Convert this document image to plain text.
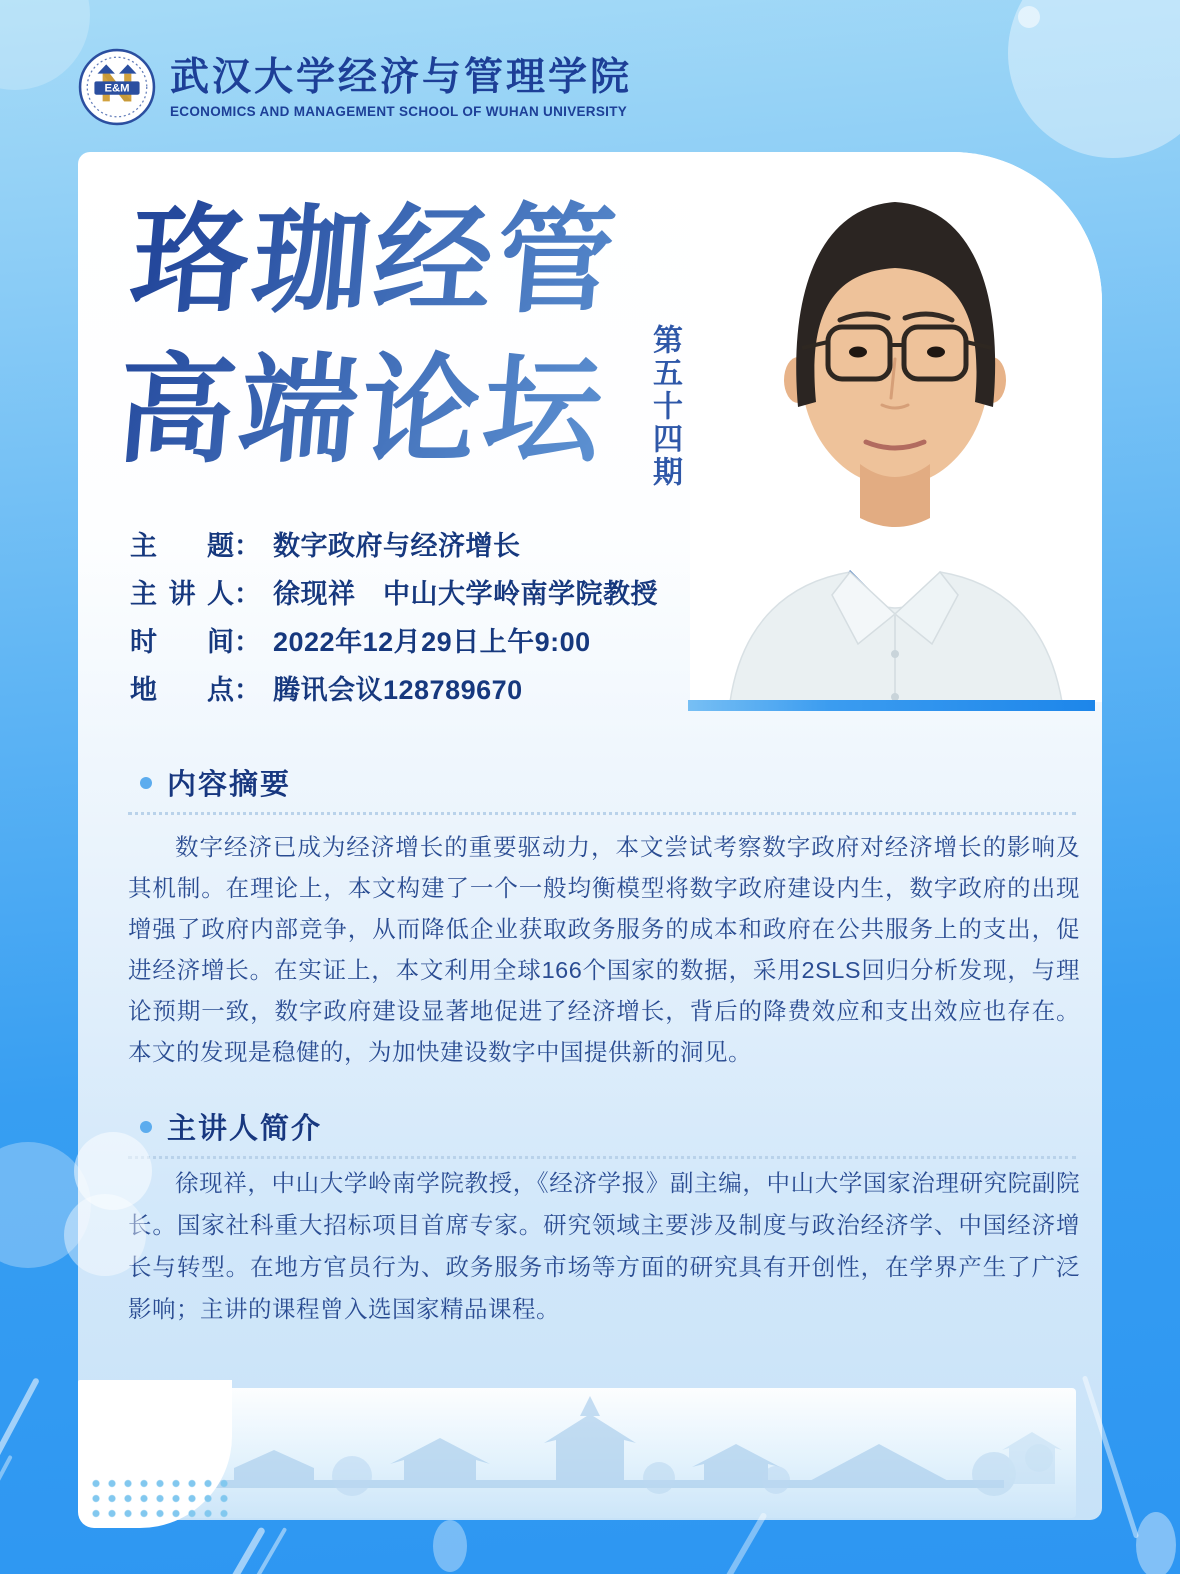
E&M 武汉大学经济与管理学院
ECONOMICS AND MANAGEMENT SCHOOL OF WUHAN UNIVERSITY
珞珈经管
高端论坛 第五十四期
主 题： 数字政府与经济增长
主 讲 人： 徐现祥　中山大学岭南学院教授
时 间： 2022年12月29日上午9:00
地 点： 腾讯会议128789670
内容摘要

数字经济已成为经济增长的重要驱动力，本文尝试考察数字政府对经济增长的影响及其机制。在理论上，本文构建了一个一般均衡模型将数字政府建设内生，数字政府的出现增强了政府内部竞争，从而降低企业获取政务服务的成本和政府在公共服务上的支出，促进经济增长。在实证上，本文利用全球166个国家的数据，采用2SLS回归分析发现，与理论预期一致，数字政府建设显著地促进了经济增长，背后的降费效应和支出效应也存在。本文的发现是稳健的，为加快建设数字中国提供新的洞见。

主讲人简介

徐现祥，中山大学岭南学院教授，《经济学报》副主编，中山大学国家治理研究院副院长。国家社科重大招标项目首席专家。研究领域主要涉及制度与政治经济学、中国经济增长与转型。在地方官员行为、政务服务市场等方面的研究具有开创性，在学界产生了广泛影响；主讲的课程曾入选国家精品课程。
